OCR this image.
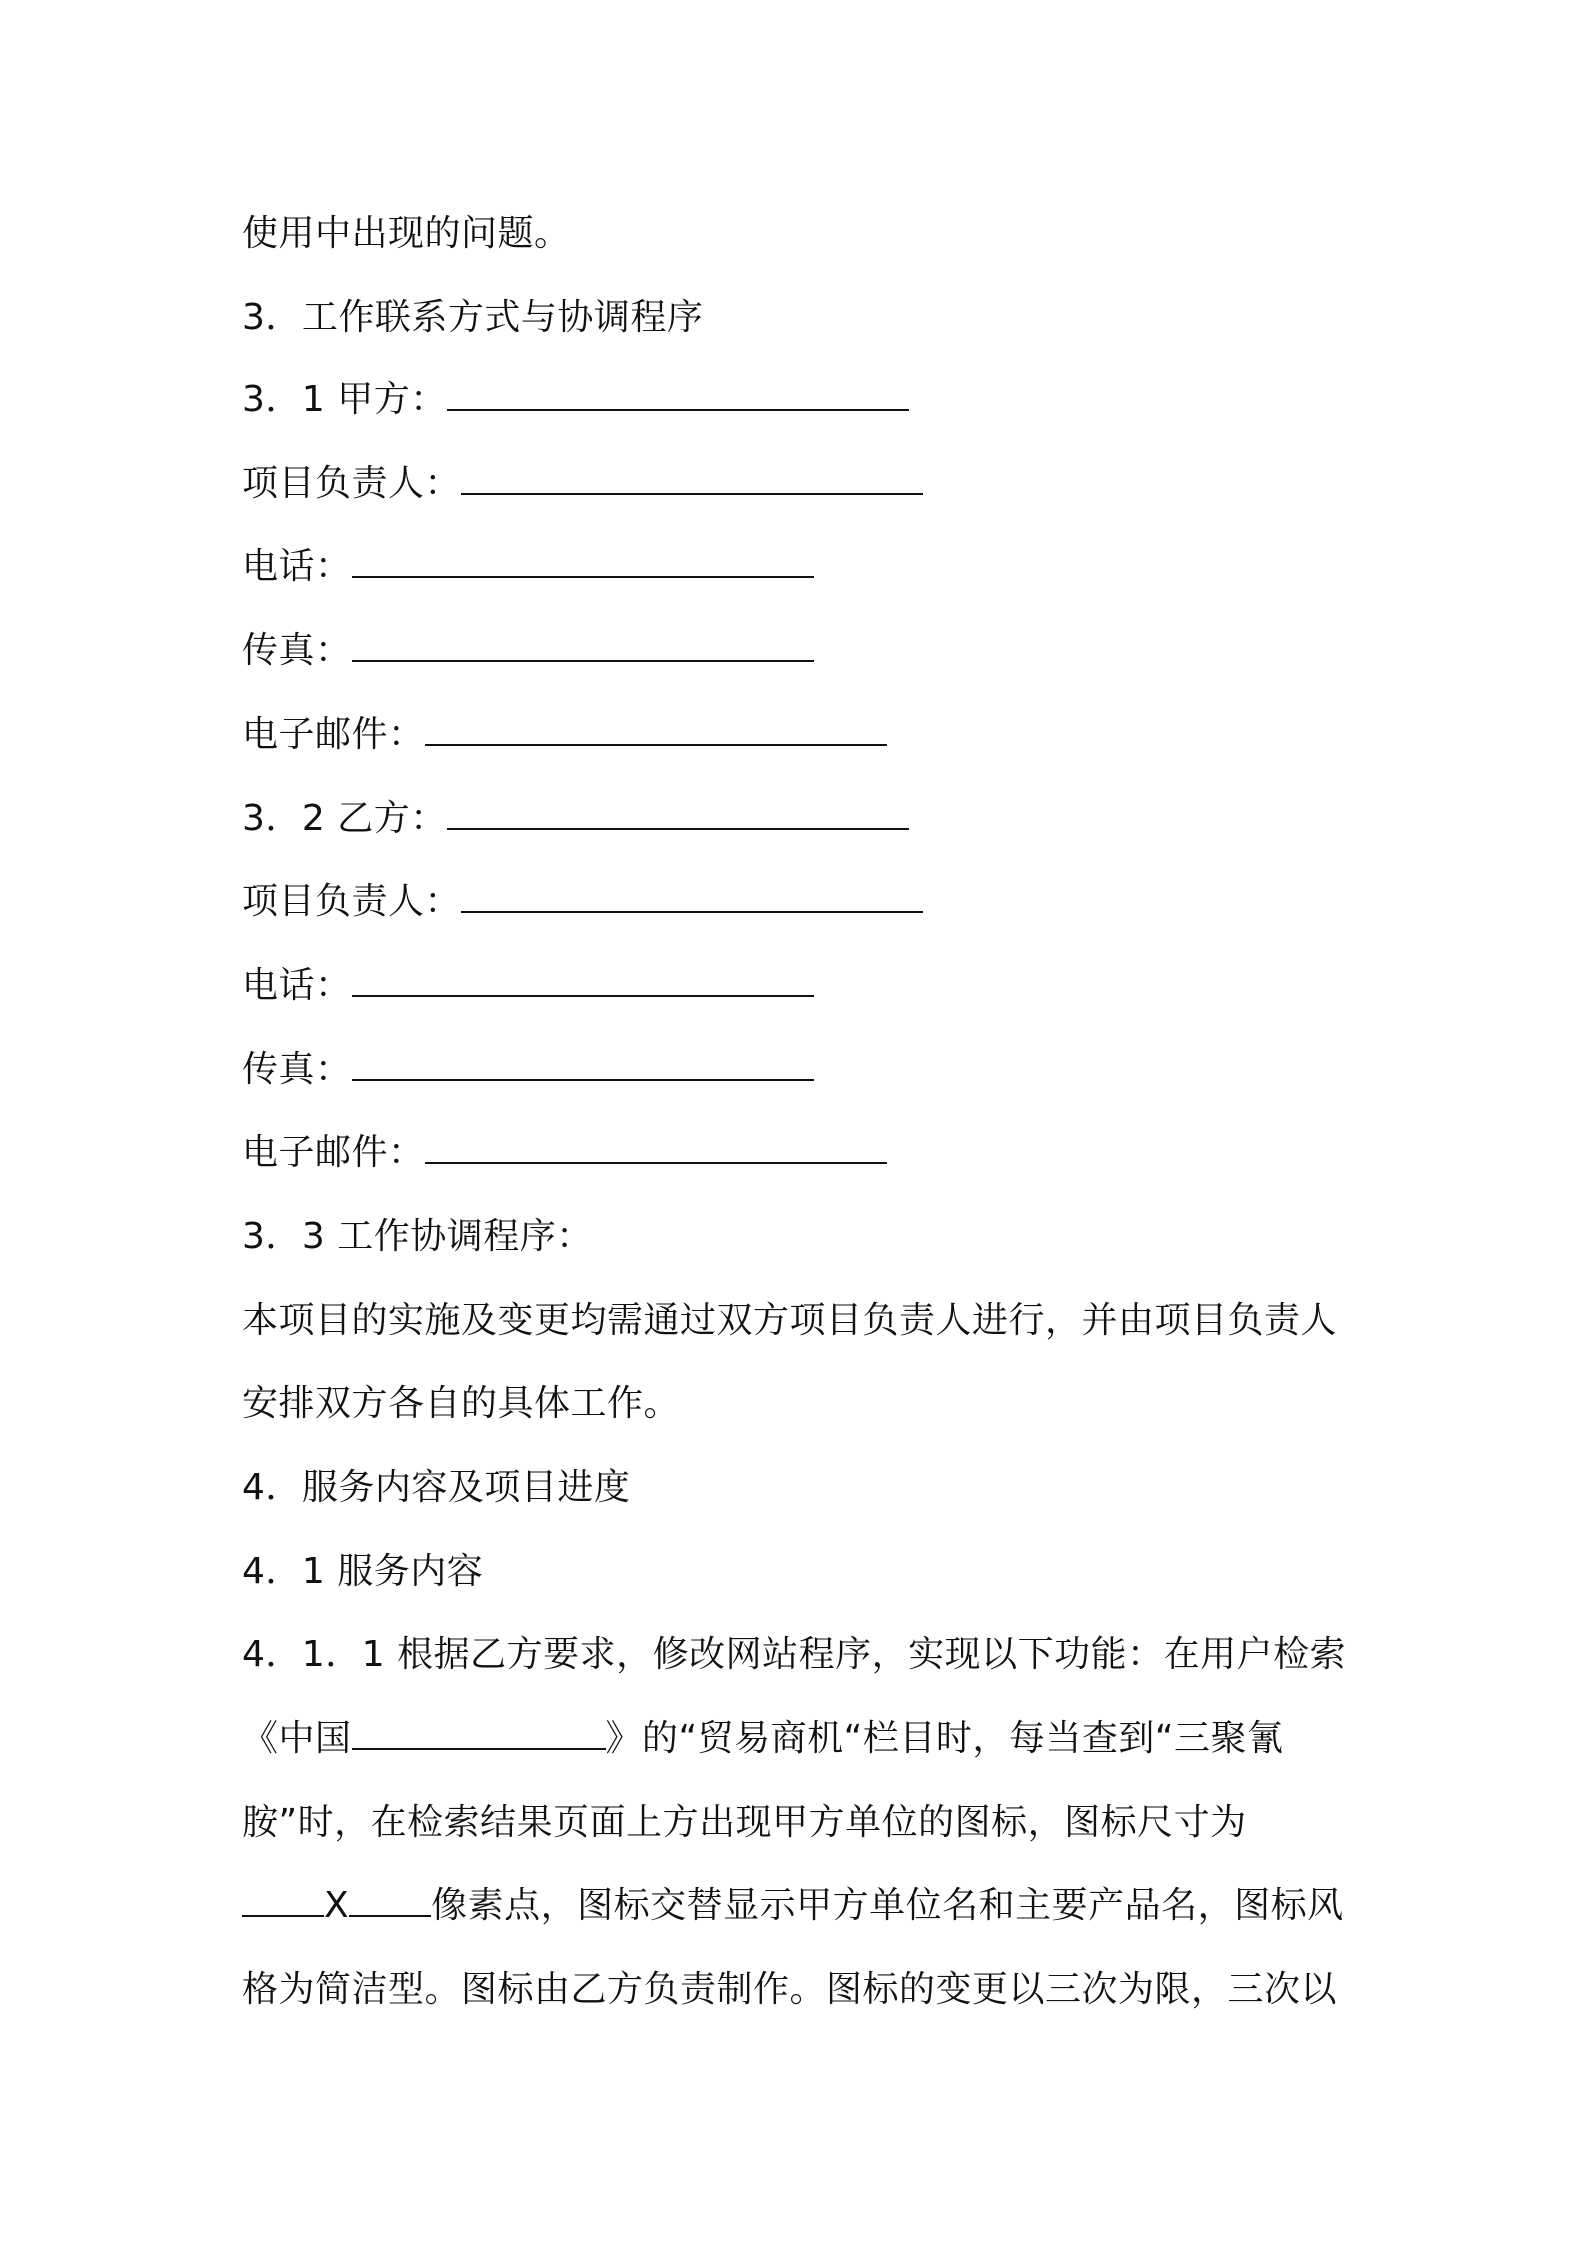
使用中出现的问题。
3．工作联系方式与协调程序
3．1 甲方：
项目负责人：
电话：
传真：
电子邮件：
3．2 乙方：
项目负责人：
电话：
传真：
电子邮件：
3．3 工作协调程序：
本项目的实施及变更均需通过双方项目负责人进行，并由项目负责人
安排双方各自的具体工作。
4．服务内容及项目进度
4．1 服务内容
4．1．1 根据乙方要求，修改网站程序，实现以下功能：在用户检索
《中国	》的“贸易商机“栏目时，每当查到“三聚氰
胺”时，在检索结果页面上方出现甲方单位的图标，图标尺寸为
X 像素点，图标交替显示甲方单位名和主要产品名，图标风
格为简洁型。图标由乙方负责制作。图标的变更以三次为限，三次以
